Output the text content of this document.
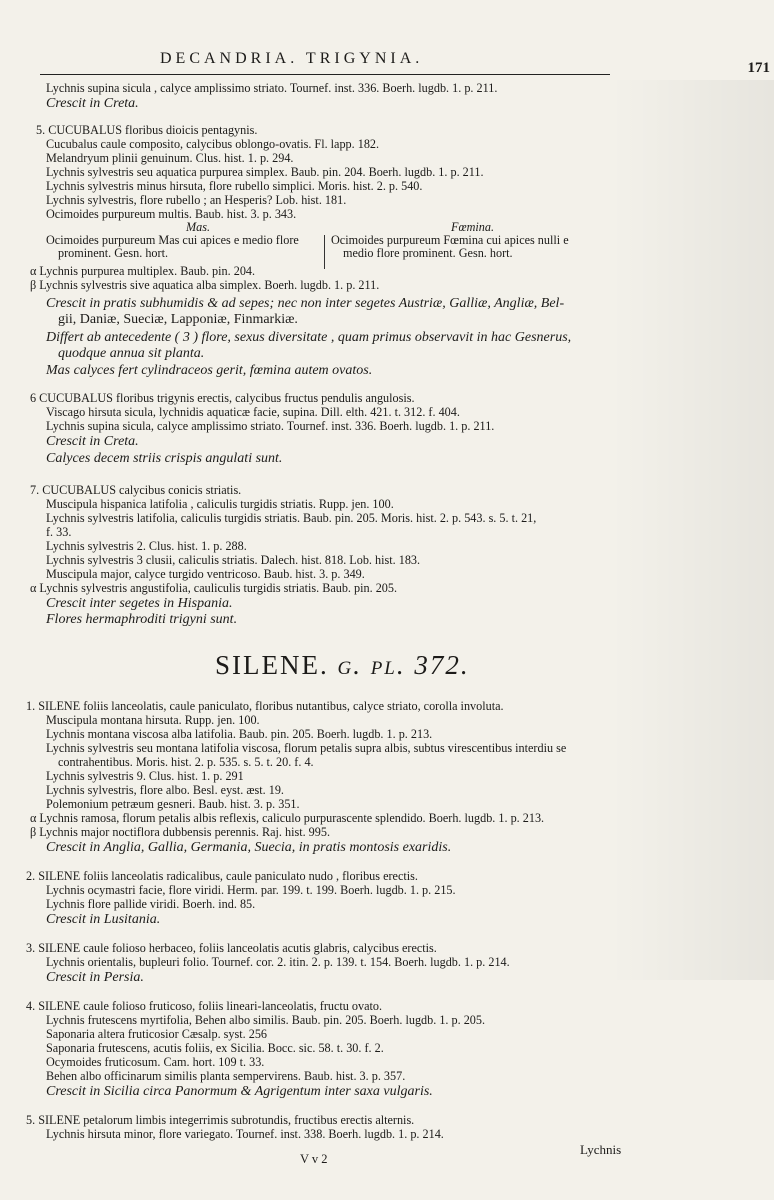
DECANDRIA. TRIGYNIA.
171
Lychnis supina sicula , calyce amplissimo striato. Tournef. inst. 336. Boerh. lugdb. 1. p. 211.
Crescit in Creta.
5. CUCUBALUS floribus dioicis pentagynis.
Cucubalus caule composito, calycibus oblongo-ovatis. Fl. lapp. 182.
Melandryum plinii genuinum. Clus. hist. 1. p. 294.
Lychnis sylvestris seu aquatica purpurea simplex. Baub. pin. 204. Boerh. lugdb. 1. p. 211.
Lychnis sylvestris minus hirsuta, flore rubello simplici. Moris. hist. 2. p. 540.
Lychnis sylvestris, flore rubello ; an Hesperis? Lob. hist. 181.
Ocimoides purpureum multis. Baub. hist. 3. p. 343.
Mas.
Ocimoides purpureum Mas cui apices e medio flore
prominent. Gesn. hort.
Fœmina.
Ocimoides purpureum Fœmina cui apices nulli e
medio flore prominent. Gesn. hort.
α Lychnis purpurea multiplex. Baub. pin. 204.
β Lychnis sylvestris sive aquatica alba simplex. Boerh. lugdb. 1. p. 211.
Crescit in pratis subhumidis & ad sepes; nec non inter segetes Austriæ, Galliæ, Angliæ, Bel-
gii, Daniæ, Sueciæ, Lapponiæ, Finmarkiæ.
Differt ab antecedente ( 3 ) flore, sexus diversitate , quam primus observavit in hac Gesnerus,
quodque annua sit planta.
Mas calyces fert cylindraceos gerit, fœmina autem ovatos.
6 CUCUBALUS floribus trigynis erectis, calycibus fructus pendulis angulosis.
Viscago hirsuta sicula, lychnidis aquaticæ facie, supina. Dill. elth. 421. t. 312. f. 404.
Lychnis supina sicula, calyce amplissimo striato. Tournef. inst. 336. Boerh. lugdb. 1. p. 211.
Crescit in Creta.
Calyces decem striis crispis angulati sunt.
7. CUCUBALUS calycibus conicis striatis.
Muscipula hispanica latifolia , caliculis turgidis striatis. Rupp. jen. 100.
Lychnis sylvestris latifolia, caliculis turgidis striatis. Baub. pin. 205. Moris. hist. 2. p. 543. s. 5. t. 21,
f. 33.
Lychnis sylvestris 2. Clus. hist. 1. p. 288.
Lychnis sylvestris 3 clusii, caliculis striatis. Dalech. hist. 818. Lob. hist. 183.
Muscipula major, calyce turgido ventricoso. Baub. hist. 3. p. 349.
α Lychnis sylvestris angustifolia, cauliculis turgidis striatis. Baub. pin. 205.
Crescit inter segetes in Hispania.
Flores hermaphroditi trigyni sunt.
SILENE. g. pl. 372.
1. SILENE foliis lanceolatis, caule paniculato, floribus nutantibus, calyce striato, corolla involuta.
Muscipula montana hirsuta. Rupp. jen. 100.
Lychnis montana viscosa alba latifolia. Baub. pin. 205. Boerh. lugdb. 1. p. 213.
Lychnis sylvestris seu montana latifolia viscosa, florum petalis supra albis, subtus virescentibus interdiu se
contrahentibus. Moris. hist. 2. p. 535. s. 5. t. 20. f. 4.
Lychnis sylvestris 9. Clus. hist. 1. p. 291
Lychnis sylvestris, flore albo. Besl. eyst. æst. 19.
Polemonium petræum gesneri. Baub. hist. 3. p. 351.
α Lychnis ramosa, florum petalis albis reflexis, caliculo purpurascente splendido. Boerh. lugdb. 1. p. 213.
β Lychnis major noctiflora dubbensis perennis. Raj. hist. 995.
Crescit in Anglia, Gallia, Germania, Suecia, in pratis montosis exaridis.
2. SILENE foliis lanceolatis radicalibus, caule paniculato nudo , floribus erectis.
Lychnis ocymastri facie, flore viridi. Herm. par. 199. t. 199. Boerh. lugdb. 1. p. 215.
Lychnis flore pallide viridi. Boerh. ind. 85.
Crescit in Lusitania.
3. SILENE caule folioso herbaceo, foliis lanceolatis acutis glabris, calycibus erectis.
Lychnis orientalis, bupleuri folio. Tournef. cor. 2. itin. 2. p. 139. t. 154. Boerh. lugdb. 1. p. 214.
Crescit in Persia.
4. SILENE caule folioso fruticoso, foliis lineari-lanceolatis, fructu ovato.
Lychnis frutescens myrtifolia, Behen albo similis. Baub. pin. 205. Boerh. lugdb. 1. p. 205.
Saponaria altera fruticosior Cæsalp. syst. 256
Saponaria frutescens, acutis foliis, ex Sicilia. Bocc. sic. 58. t. 30. f. 2.
Ocymoides fruticosum. Cam. hort. 109 t. 33.
Behen albo officinarum similis planta sempervirens. Baub. hist. 3. p. 357.
Crescit in Sicilia circa Panormum & Agrigentum inter saxa vulgaris.
5. SILENE petalorum limbis integerrimis subrotundis, fructibus erectis alternis.
Lychnis hirsuta minor, flore variegato. Tournef. inst. 338. Boerh. lugdb. 1. p. 214.
V v 2
Lychnis
